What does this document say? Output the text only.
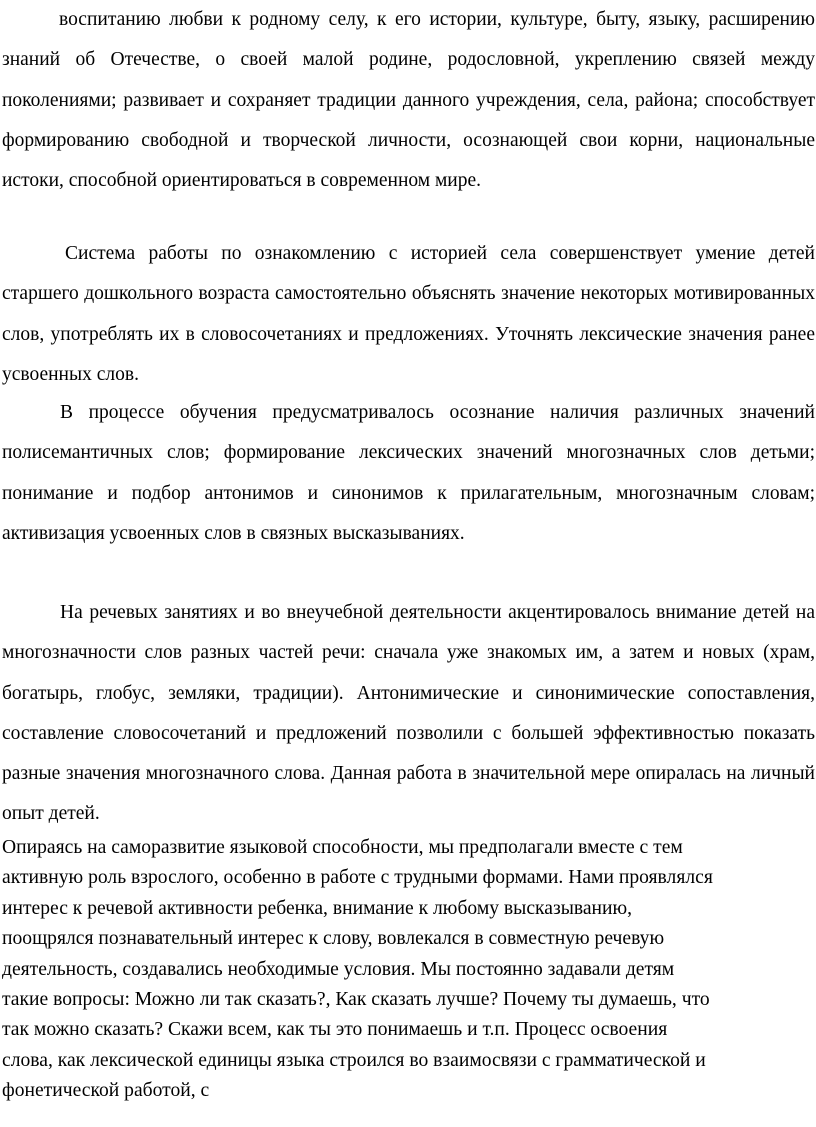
воспитанию любви к родному селу, к его истории, культуре, быту, языку, расширению знаний об Отечестве, о своей малой родине, родословной, укреплению связей между поколениями; развивает и сохраняет традиции данного учреждения, села, района; способствует формированию свободной и творческой личности, осознающей свои корни, национальные истоки, способной ориентироваться в современном мире.

Система работы по ознакомлению с историей села совершенствует умение детей старшего дошкольного возраста самостоятельно объяснять значение некоторых мотивированных слов, употреблять их в словосочетаниях и предложениях. Уточнять лексические значения ранее усвоенных слов.

В процессе обучения предусматривалось осознание наличия различных значений полисемантичных слов; формирование лексических значений многозначных слов детьми; понимание и подбор антонимов и синонимов к прилагательным, многозначным словам; активизация усвоенных слов в связных высказываниях.

На речевых занятиях и во внеучебной деятельности акцентировалось внимание детей на многозначности слов разных частей речи: сначала уже знакомых им, а затем и новых (храм, богатырь, глобус, земляки, традиции). Антонимические и синонимические сопоставления, составление словосочетаний и предложений позволили с большей эффективностью показать разные значения многозначного слова. Данная работа в значительной мере опиралась на личный опыт детей.

Опираясь на саморазвитие языковой способности, мы предполагали вместе с тем активную роль взрослого, особенно в работе с трудными формами. Нами проявлялся интерес к речевой активности ребенка, внимание к любому высказыванию, поощрялся познавательный интерес к слову, вовлекался в совместную речевую деятельность, создавались необходимые условия. Мы постоянно задавали детям такие вопросы: Можно ли так сказать?, Как сказать лучше? Почему ты думаешь, что так можно сказать? Скажи всем, как ты это понимаешь и т.п. Процесс освоения слова, как лексической единицы языка строился во взаимосвязи с грамматической и фонетической работой, с
